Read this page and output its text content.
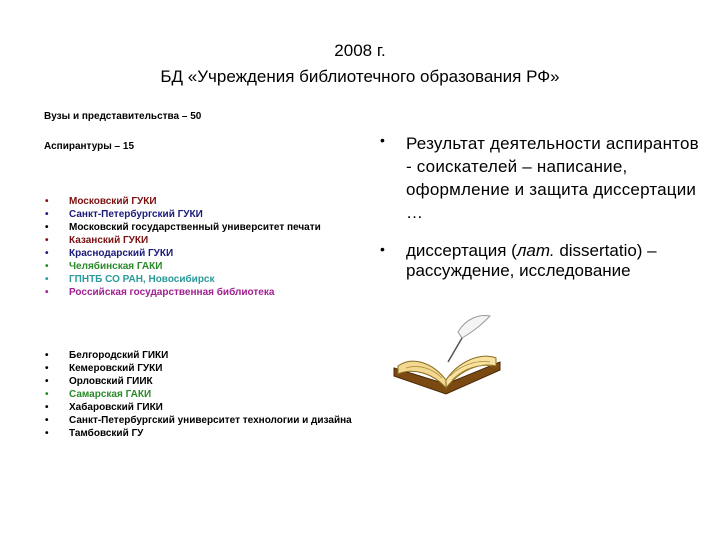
2008 г.
БД «Учреждения библиотечного образования РФ»
Вузы и представительства – 50
Аспирантуры – 15
• Московский ГУКИ
• Санкт-Петербургский ГУКИ
• Московский государственный университет печати
• Казанский ГУКИ
• Краснодарский ГУКИ
• Челябинская ГАКИ
• ГПНТБ СО РАН, Новосибирск
• Российская государственная библиотека
• Белгородский ГИКИ
• Кемеровский ГУКИ
• Орловский ГИИК
• Самарская ГАКИ
• Хабаровский ГИКИ
• Санкт-Петербургский университет технологии и дизайна
• Тамбовский ГУ
• Результат деятельности аспирантов - соискателей – написание, оформление и защита диссертации …
• диссертация (лат. dissertatio) – рассуждение, исследование
